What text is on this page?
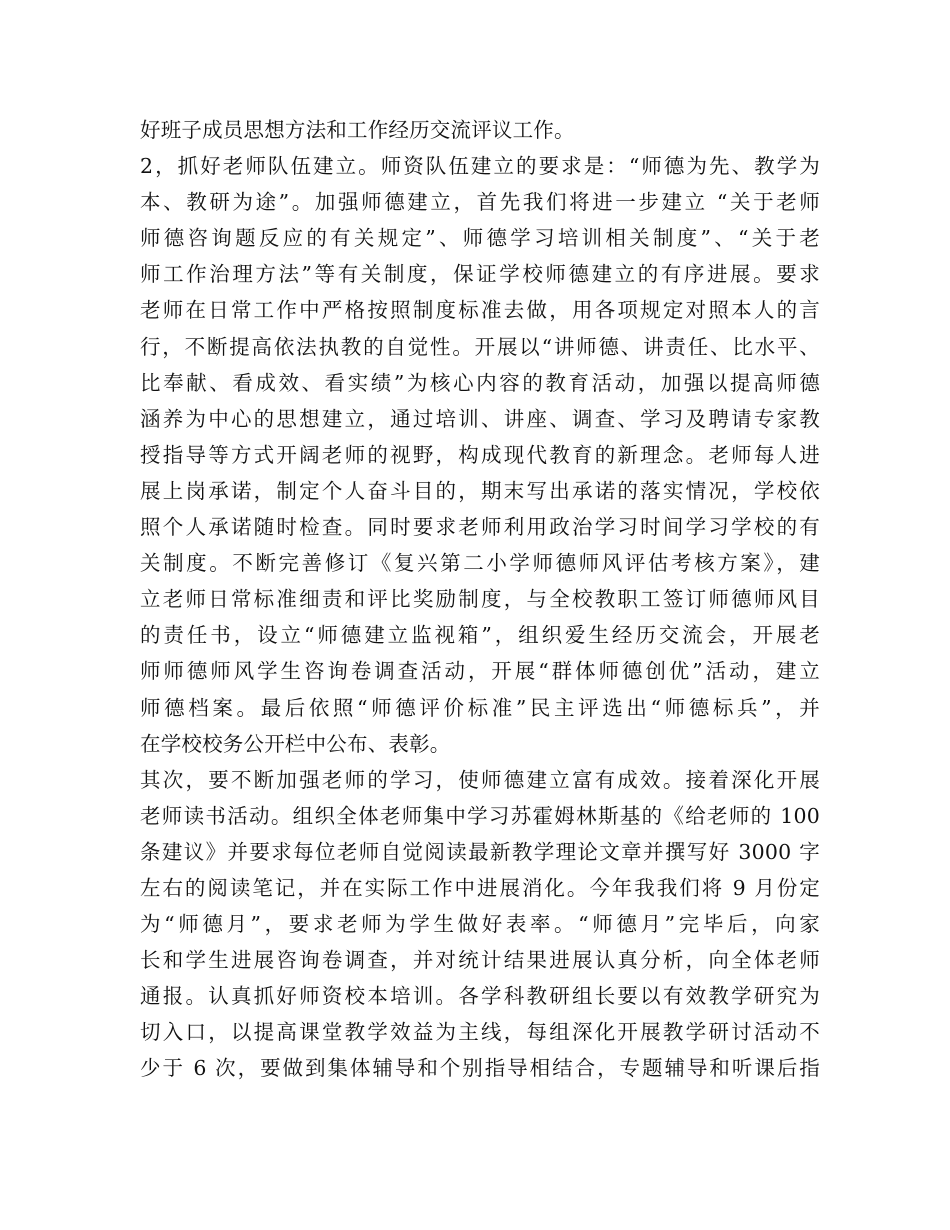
好班子成员思想方法和工作经历交流评议工作。
2，抓好老师队伍建立。师资队伍建立的要求是：“师德为先、教学为
本、教研为途”。加强师德建立，首先我们将进一步建立 “关于老师
师德咨询题反应的有关规定”、师德学习培训相关制度”、“关于老
师工作治理方法”等有关制度，保证学校师德建立的有序进展。要求
老师在日常工作中严格按照制度标准去做，用各项规定对照本人的言
行，不断提高依法执教的自觉性。开展以“讲师德、讲责任、比水平、
比奉献、看成效、看实绩”为核心内容的教育活动，加强以提高师德
涵养为中心的思想建立，通过培训、讲座、调查、学习及聘请专家教
授指导等方式开阔老师的视野，构成现代教育的新理念。老师每人进
展上岗承诺，制定个人奋斗目的，期末写出承诺的落实情况，学校依
照个人承诺随时检查。同时要求老师利用政治学习时间学习学校的有
关制度。不断完善修订《复兴第二小学师德师风评估考核方案》，建
立老师日常标准细责和评比奖励制度，与全校教职工签订师德师风目
的责任书，设立“师德建立监视箱”，组织爱生经历交流会，开展老
师师德师风学生咨询卷调查活动，开展“群体师德创优”活动，建立
师德档案。最后依照“师德评价标准”民主评选出“师德标兵”，并
在学校校务公开栏中公布、表彰。
其次，要不断加强老师的学习，使师德建立富有成效。接着深化开展
老师读书活动。组织全体老师集中学习苏霍姆林斯基的《给老师的 100
条建议》并要求每位老师自觉阅读最新教学理论文章并撰写好 3000 字
左右的阅读笔记，并在实际工作中进展消化。今年我我们将 9 月份定
为“师德月”，要求老师为学生做好表率。“师德月”完毕后，向家
长和学生进展咨询卷调查，并对统计结果进展认真分析，向全体老师
通报。认真抓好师资校本培训。各学科教研组长要以有效教学研究为
切入口，以提高课堂教学效益为主线，每组深化开展教学研讨活动不
少于 6 次，要做到集体辅导和个别指导相结合，专题辅导和听课后指
